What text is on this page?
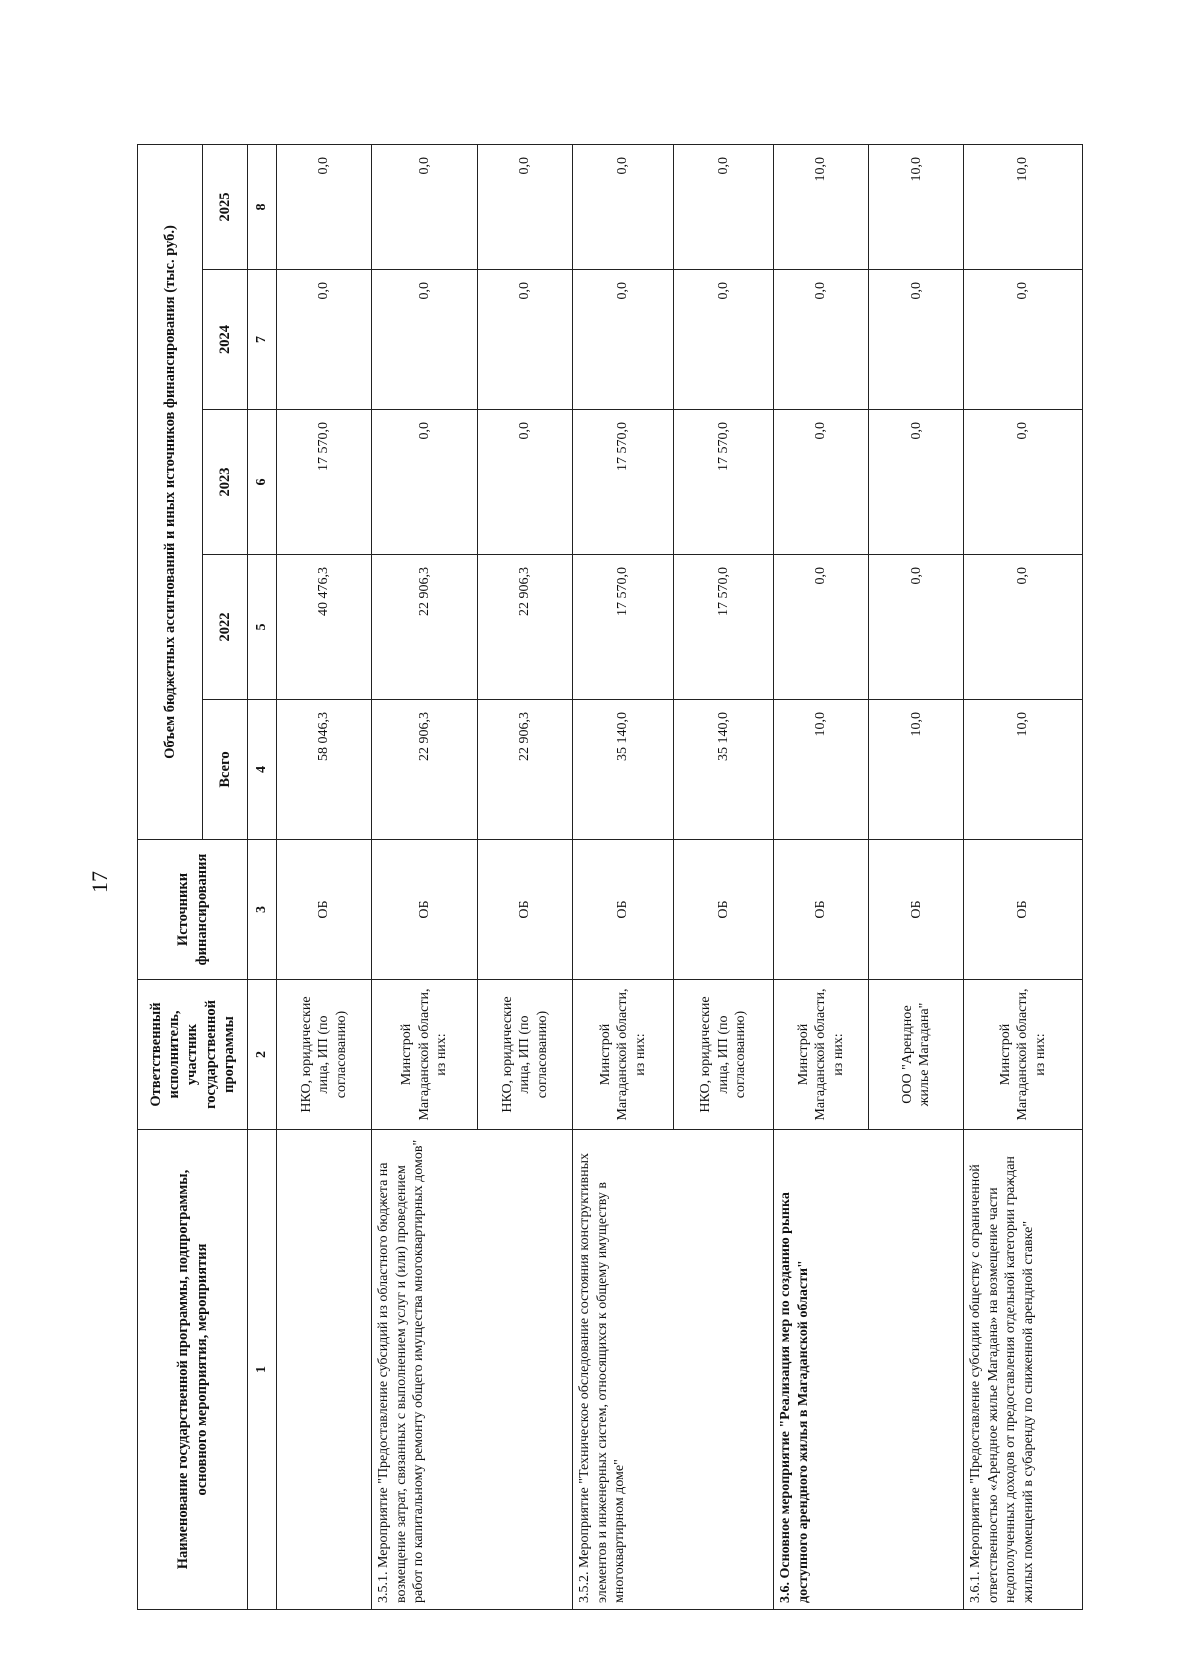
17
Наименование государственной программы, подпрограммы, основного мероприятия, мероприятия	Ответственный исполнитель, участник государственной программы	Источники финансирования	Объем бюджетных ассигнований и иных источников финансирования (тыс. руб.)				
			Всего	2022	2023	2024	2025
1	2	3	4	5	6	7	8
	НКО, юридические лица, ИП (по согласованию)	ОБ	58 046,3	40 476,3	17 570,0	0,0	0,0
3.5.1. Мероприятие "Предоставление субсидий из областного бюджета на возмещение затрат, связанных с выполнением услуг и (или) проведением работ по капитальному ремонту общего имущества многоквартирных домов"	Минстрой Магаданской области, из них:	ОБ	22 906,3	22 906,3	0,0	0,0	0,0
	НКО, юридические лица, ИП (по согласованию)	ОБ	22 906,3	22 906,3	0,0	0,0	0,0
3.5.2. Мероприятие "Техническое обследование состояния конструктивных элементов и инженерных систем, относящихся к общему имуществу в многоквартирном доме"	Минстрой Магаданской области, из них:	ОБ	35 140,0	17 570,0	17 570,0	0,0	0,0
	НКО, юридические лица, ИП (по согласованию)	ОБ	35 140,0	17 570,0	17 570,0	0,0	0,0
3.6. Основное мероприятие "Реализация мер по созданию рынка доступного арендного жилья в Магаданской области"	Минстрой Магаданской области, из них:	ОБ	10,0	0,0	0,0	0,0	10,0
	ООО "Арендное жилье Магадана"	ОБ	10,0	0,0	0,0	0,0	10,0
3.6.1. Мероприятие "Предоставление субсидии обществу с ограниченной ответственностью «Арендное жилье Магадана» на возмещение части недополученных доходов от предоставления отдельной категории граждан жилых помещений в субаренду по сниженной арендной ставке"	Минстрой Магаданской области, из них:	ОБ	10,0	0,0	0,0	0,0	10,0
